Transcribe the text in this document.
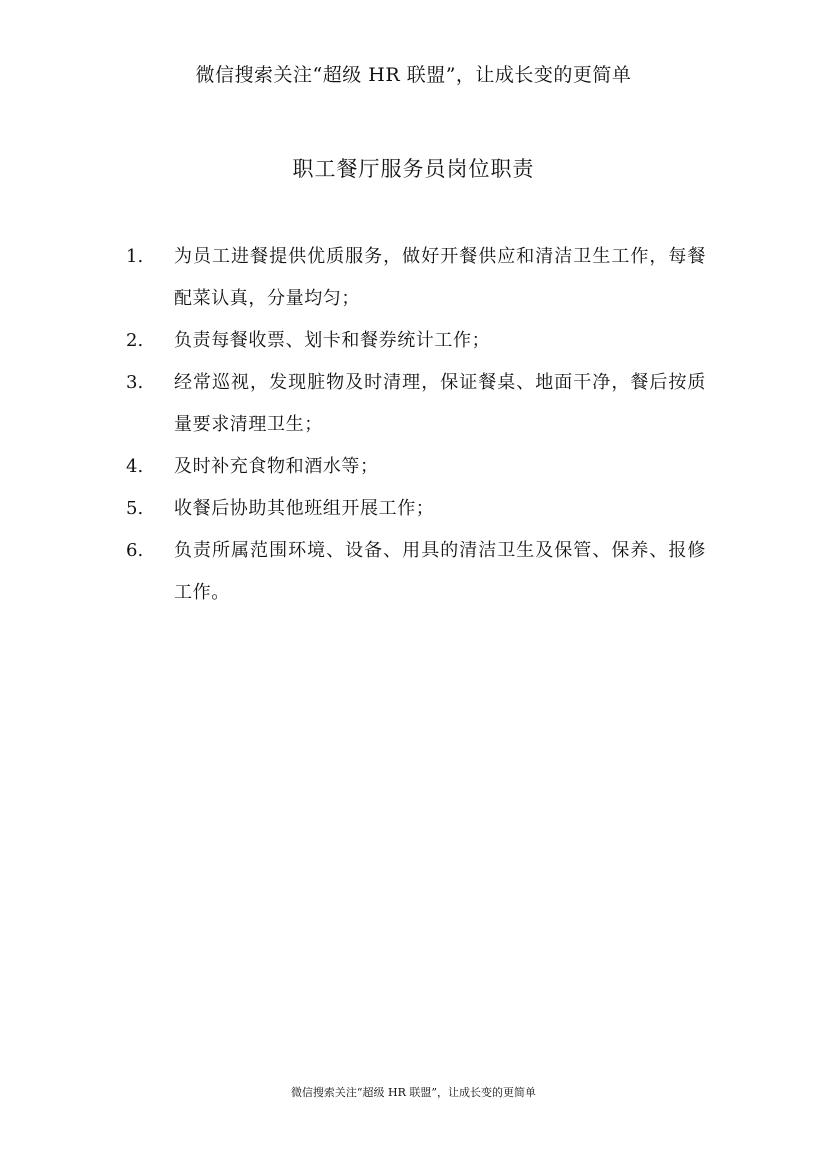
微信搜索关注“超级 HR 联盟”，让成长变的更简单
职工餐厅服务员岗位职责
1.	为员工进餐提供优质服务，做好开餐供应和清洁卫生工作，每餐配菜认真，分量均匀；
2.	负责每餐收票、划卡和餐券统计工作；
3.	经常巡视，发现脏物及时清理，保证餐桌、地面干净，餐后按质量要求清理卫生；
4.	及时补充食物和酒水等；
5.	收餐后协助其他班组开展工作；
6.	负责所属范围环境、设备、用具的清洁卫生及保管、保养、报修工作。
微信搜索关注“超级 HR 联盟”，让成长变的更简单
